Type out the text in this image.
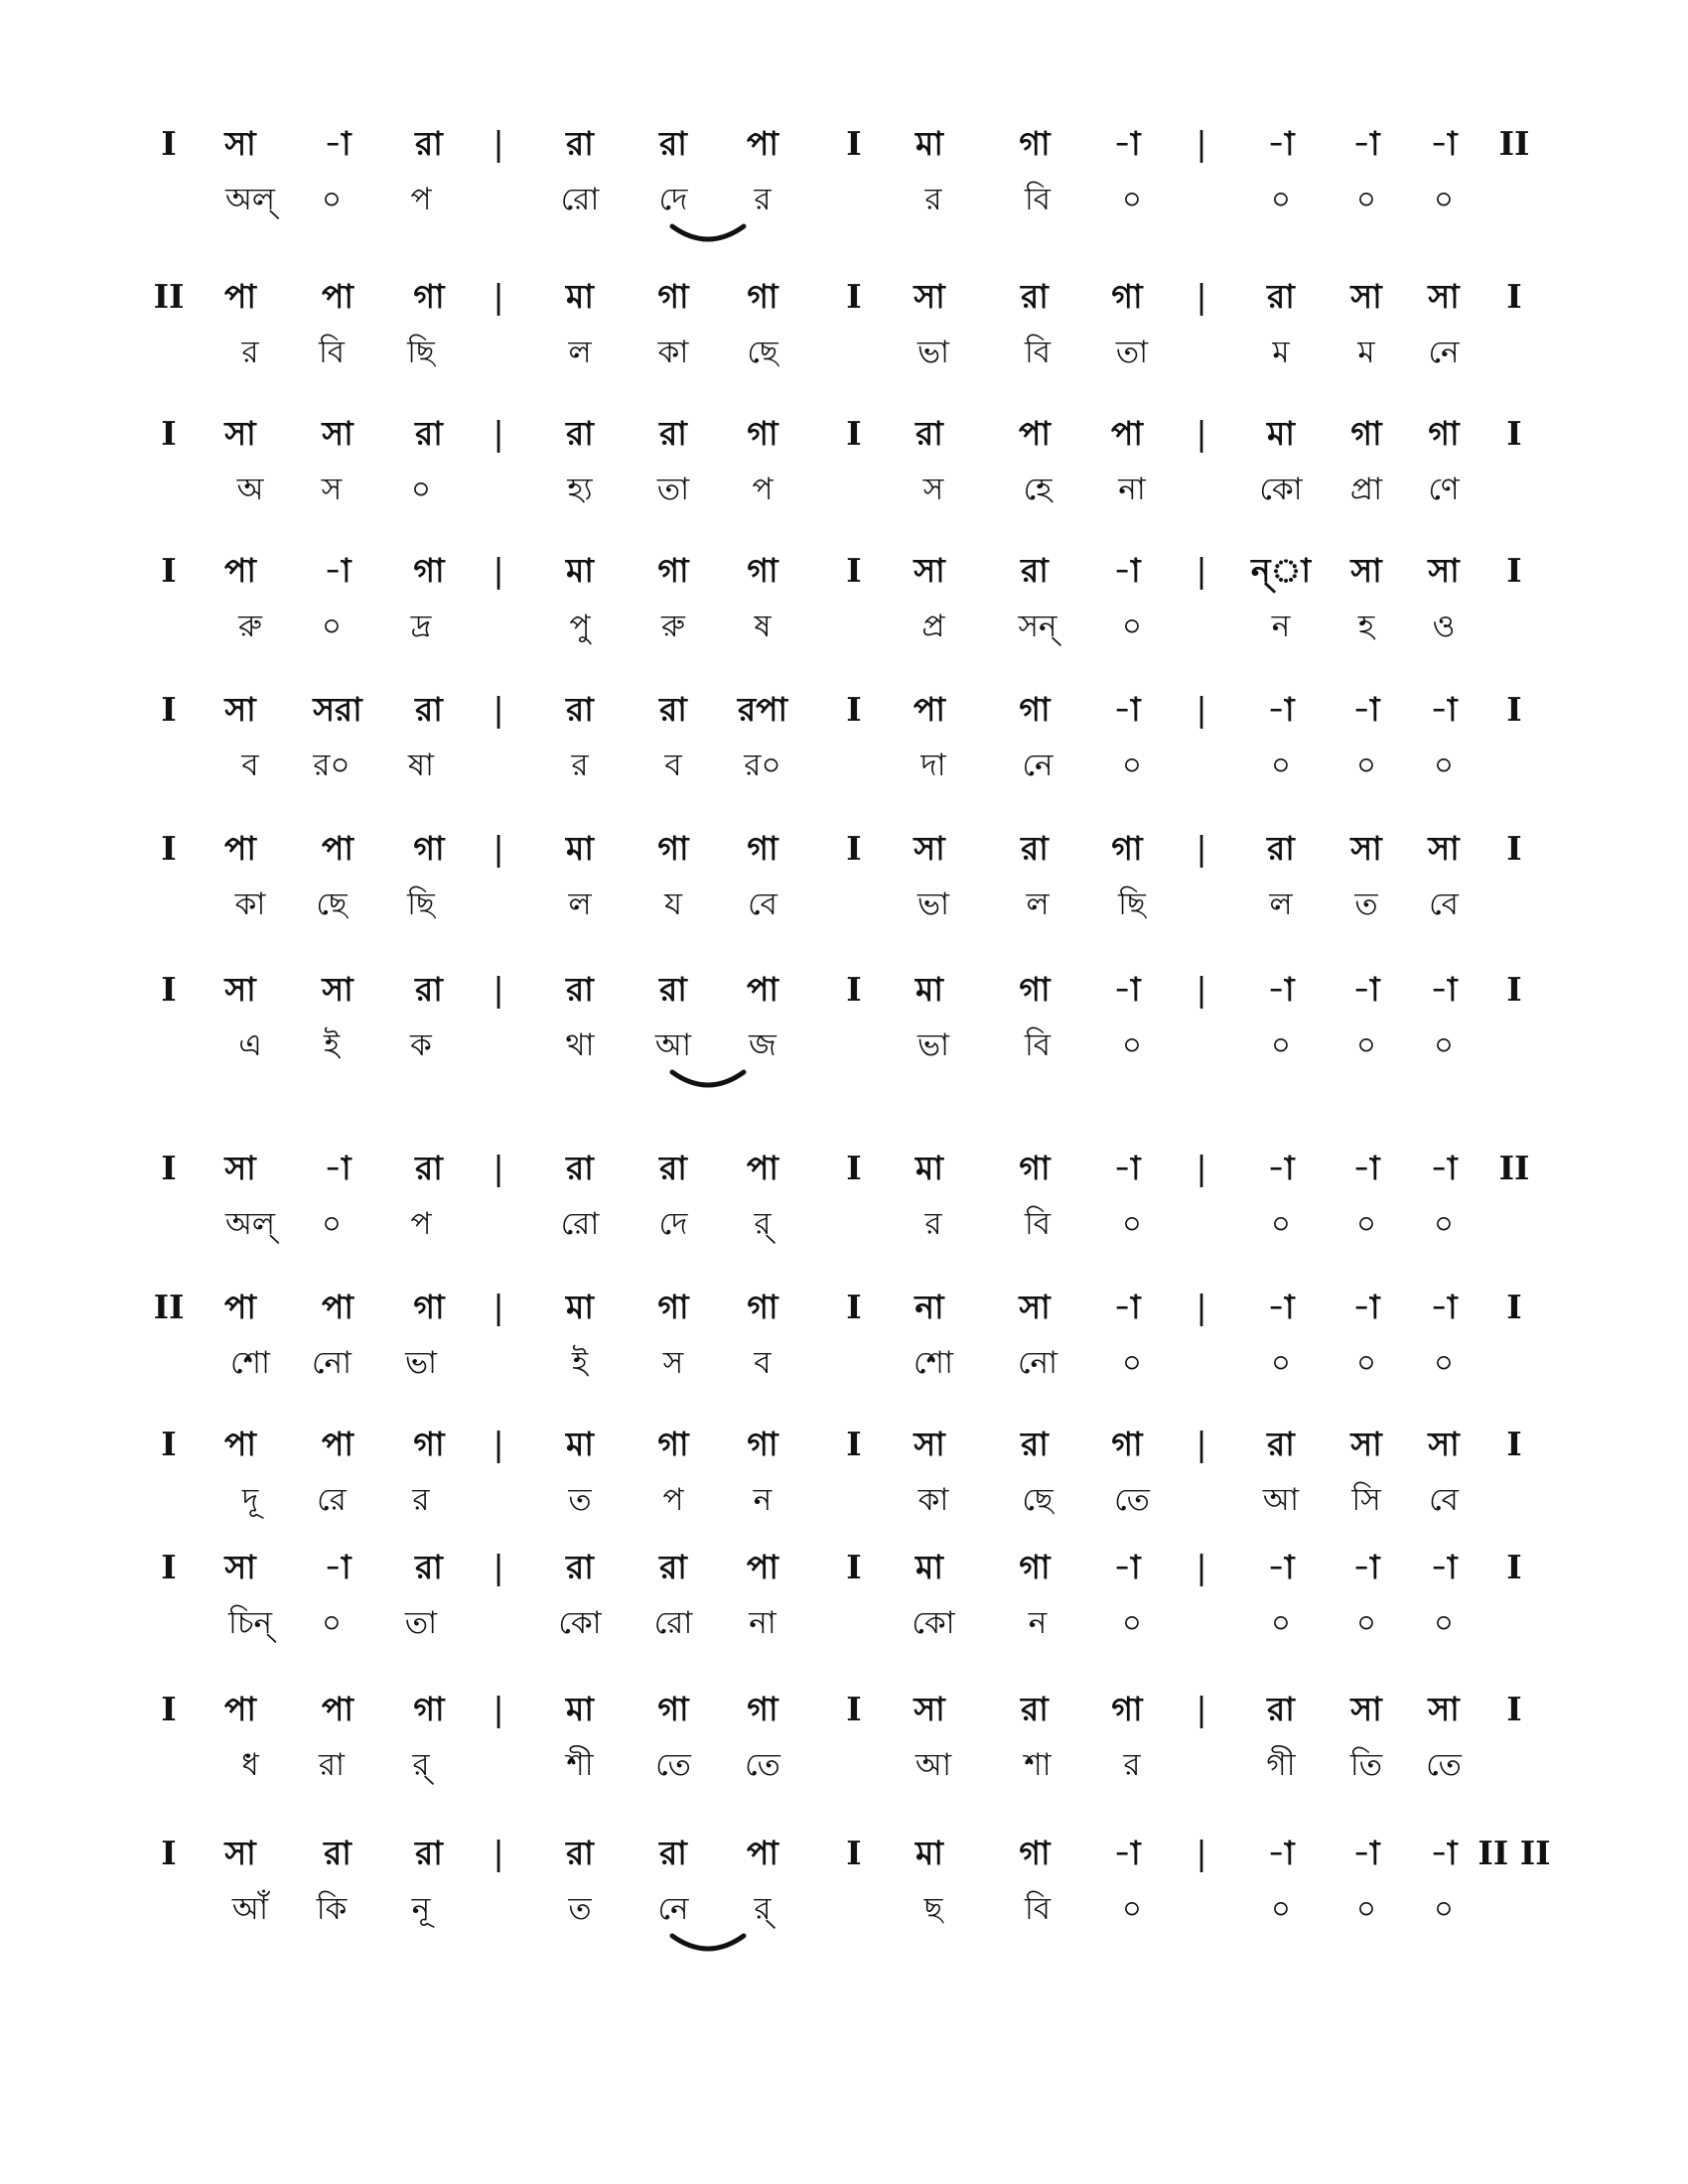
I সা -া রা | রা রা পা I মা গা -া | -া -া -া II
অল্ ০ প	রো দে র	র	বি ০	০ ০ ০
II পা পা গা | মা গা গা I সা রা গা | রা সা সা I
র বি ছি	ল কা ছে	ভা বি তা	ম ম নে
I সা সা রা | রা রা গা I রা পা পা | মা গা গা I
অ স ০	হ্য তা প	স	হে না	কো প্রা ণে
I পা -া গা | মা গা গা I সা রা -া | ন্া সা সা I
রু ০ দ্র	পু রু ষ	প্র সন্ ০	ন হ ও
I সা সরা রা | রা রা রপা I পা গা -া | -া -া -া I
ব র০ ষা	র ব র০	দা নে ০	০ ০ ০
I পা পা গা | মা গা গা I সা রা গা | রা সা সা I
কা ছে ছি	ল য বে	ভা ল ছি	ল ত বে
I সা সা রা | রা রা পা I মা গা -া | -া -া -া I
এ ই ক	থা আ জ	ভা বি ০	০ ০ ০
I সা -া রা | রা রা পা I মা গা -া | -া -া -া II
অল্ ০ প	রো দে র্	র	বি ০	০ ০ ০
II পা পা গা | মা গা গা I না সা -া | -া -া -া I
শো নো ভা	ই স ব	শো নো ০	০ ০ ০
I পা পা গা | মা গা গা I সা রা গা | রা সা সা I
দূ রে র	ত প ন	কা ছে তে	আ সি বে
I সা -া রা | রা রা পা I মা গা -া | -া -া -া I
চিন্ ০ তা	কো রো না	কো ন ০	০ ০ ০
I পা পা গা | মা গা গা I সা রা গা | রা সা সা I
ধ রা র্	শী তে তে	আ শা র	গী তি তে
I সা রা রা | রা রা পা I মা গা -া | -া -া -া II II
আঁ কি নূ	ত নে র্	ছ	বি ০	০ ০ ০
